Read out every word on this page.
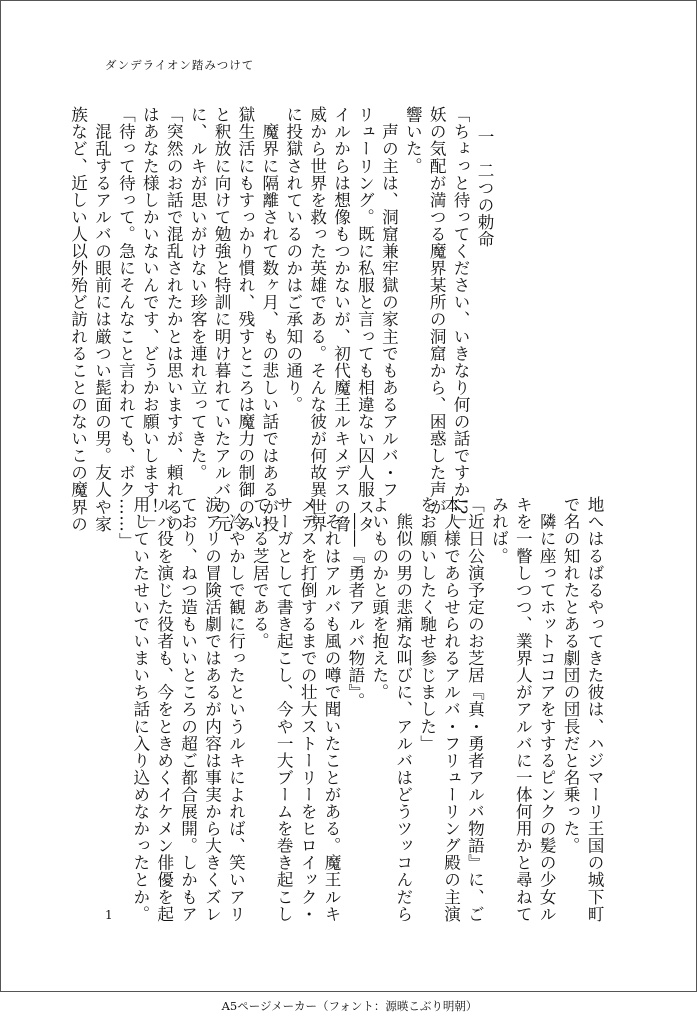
ダンデライオン踏みつけて
一　二つの勅命
「ちょっと待ってください、いきなり何の話ですか!?」
妖の気配が満つる魔界某所の洞窟から、困惑した声が
響いた。
　声の主は、洞窟兼牢獄の家主でもあるアルバ・フ
リューリング。既に私服と言っても相違ない囚人服スタ
イルからは想像もつかないが、初代魔王ルキメデスの脅
威から世界を救った英雄である。そんな彼が何故異世界
に投獄されているのかはご承知の通り。
　魔界に隔離されて数ヶ月、もの悲しい話ではあるが投
獄生活にもすっかり慣れ、残すところは魔力の制御のみ
と釈放に向けて勉強と特訓に明け暮れていたアルバの元
に、ルキが思いがけない珍客を連れ立ってきた。
「突然のお話で混乱されたかとは思いますが、頼れるの
はあなた様しかいないんです、どうかお願いします！」
「待って待って。急にそんなこと言われても、ボク……」
　混乱するアルバの眼前には厳つい髭面の男。友人や家
族など、近しい人以外殆ど訪れることのないこの魔界の
地へはるばるやってきた彼は、ハジマーリ王国の城下町
で名の知れたとある劇団の団長だと名乗った。
　隣に座ってホットココアをすするピンクの髪の少女ル
キを一瞥しつつ、業界人がアルバに一体何用かと尋ねて
みれば。
「近日公演予定のお芝居『真・勇者アルバ物語』に、ご
本人様であらせられるアルバ・フリューリング殿の主演
をお願いしたく馳せ参じました」
　熊似の男の悲痛な叫びに、アルバはどうツッコんだら
よいものかと頭を抱えた。
　――『勇者アルバ物語』。
　それはアルバも風の噂で聞いたことがある。魔王ルキ
メデスを打倒するまでの壮大ストーリーをヒロイック・
サーガとして書き起こし、今や一大ブームを巻き起こし
ている芝居である。
　冷やかしで観に行ったというルキによれば、笑いアリ
涙アリの冒険活劇ではあるが内容は事実から大きくズレ
ており、ねつ造もいいところの超ご都合展開。しかもア
ルバ役を演じた役者も、今をときめくイケメン俳優を起
用していたせいでいまいち話に入り込めなかったとか。
1
A5ページメーカー（フォント：源暎こぶり明朝）
